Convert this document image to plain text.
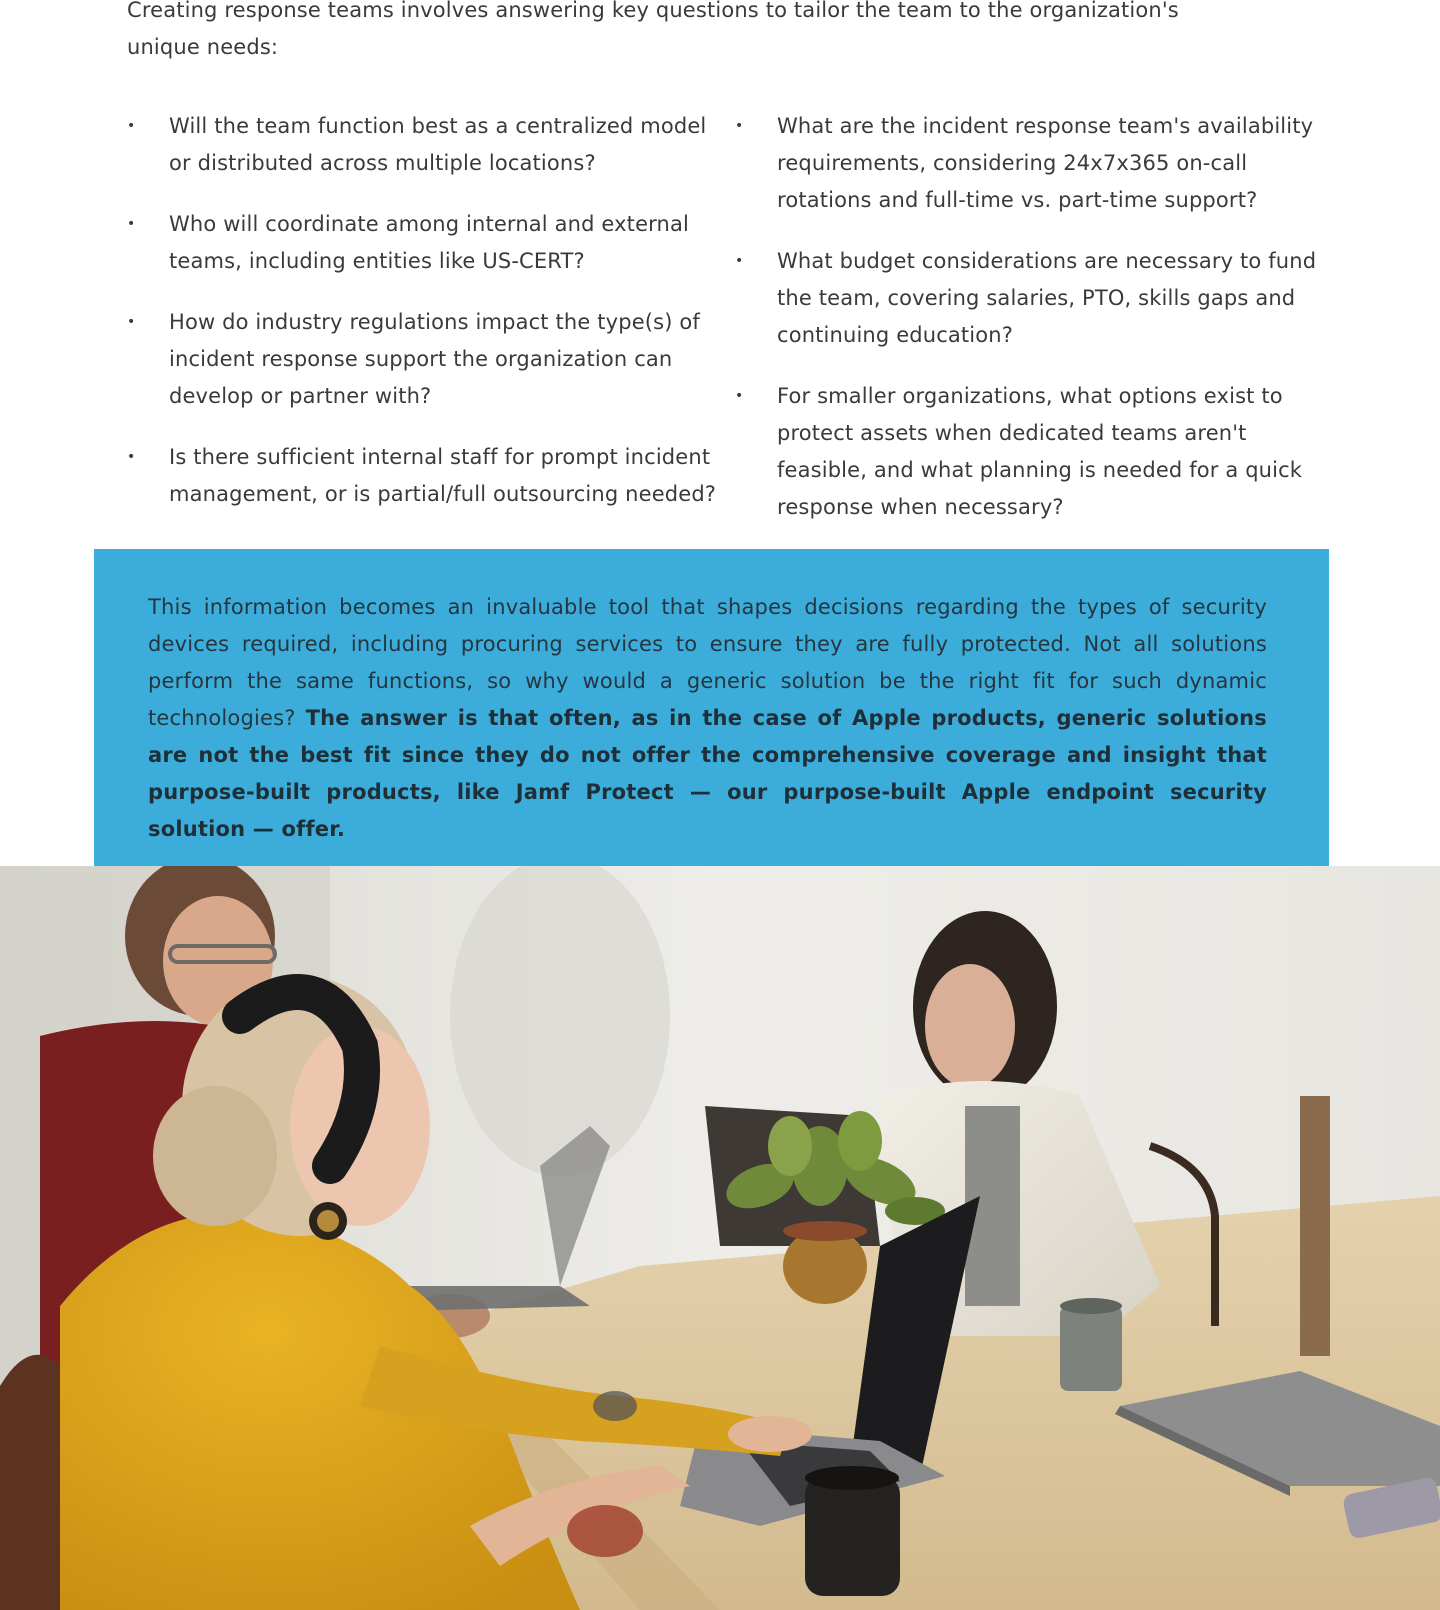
Creating response teams involves answering key questions to tailor the team to the organization's unique needs:

• Will the team function best as a centralized model or distributed across multiple locations?
• Who will coordinate among internal and external teams, including entities like US-CERT?
• How do industry regulations impact the type(s) of incident response support the organization can develop or partner with?
• Is there sufficient internal staff for prompt incident management, or is partial/full outsourcing needed?
• What are the incident response team's availability requirements, considering 24x7x365 on-call rotations and full-time vs. part-time support?
• What budget considerations are necessary to fund the team, covering salaries, PTO, skills gaps and continuing education?
• For smaller organizations, what options exist to protect assets when dedicated teams aren't feasible, and what planning is needed for a quick response when necessary?

This information becomes an invaluable tool that shapes decisions regarding the types of security devices required, including procuring services to ensure they are fully protected. Not all solutions perform the same functions, so why would a generic solution be the right fit for such dynamic technologies? The answer is that often, as in the case of Apple products, generic solutions are not the best fit since they do not offer the comprehensive coverage and insight that purpose-built products, like Jamf Protect — our purpose-built Apple endpoint security solution — offer.
